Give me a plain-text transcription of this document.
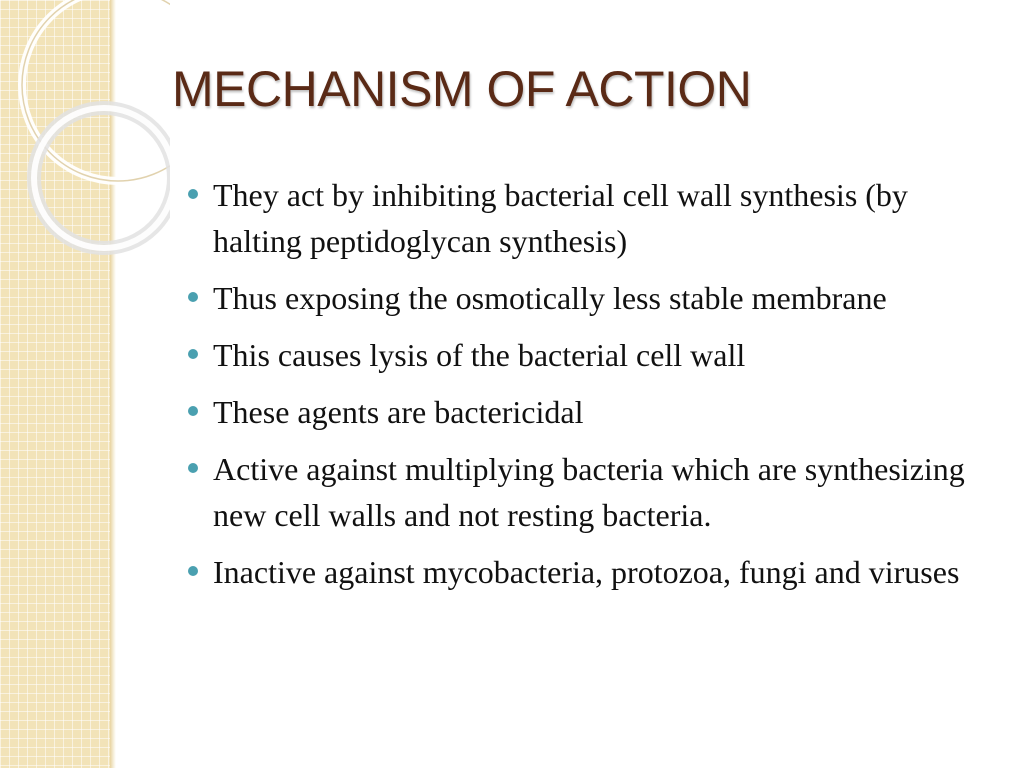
MECHANISM OF ACTION
They act by inhibiting bacterial cell wall synthesis (by halting peptidoglycan synthesis)
Thus exposing the osmotically less stable membrane
This causes lysis of the bacterial cell wall
These agents are bactericidal
Active against multiplying bacteria which are synthesizing new cell walls and not resting bacteria.
Inactive against mycobacteria, protozoa, fungi and viruses
